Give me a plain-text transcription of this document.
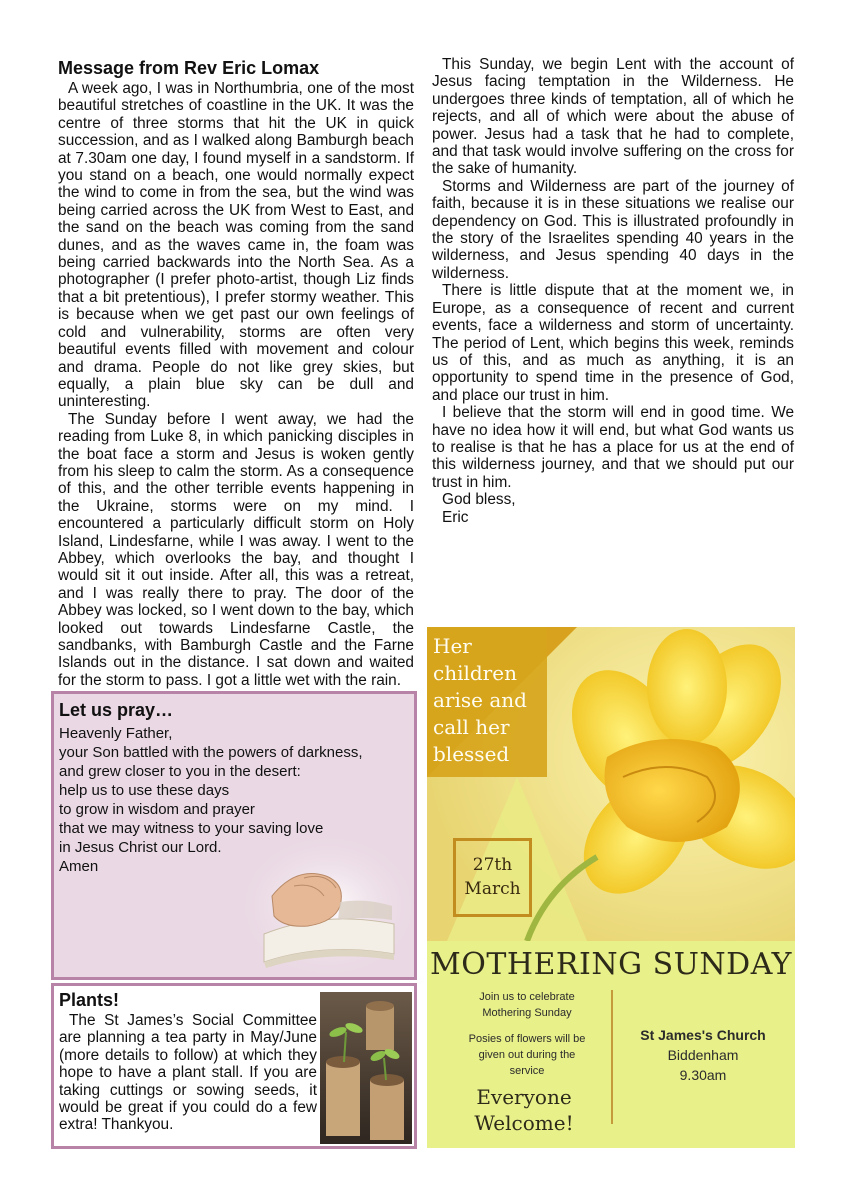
Message from Rev Eric Lomax

A week ago, I was in Northumbria, one of the most beautiful stretches of coastline in the UK. It was the centre of three storms that hit the UK in quick succession, and as I walked along Bamburgh beach at 7.30am one day, I found myself in a sandstorm. If you stand on a beach, one would normally expect the wind to come in from the sea, but the wind was being carried across the UK from West to East, and the sand on the beach was coming from the sand dunes, and as the waves came in, the foam was being carried backwards into the North Sea. As a photographer (I prefer photo-artist, though Liz finds that a bit pretentious), I prefer stormy weather. This is because when we get past our own feelings of cold and vulnerability, storms are often very beautiful events filled with movement and colour and drama. People do not like grey skies, but equally, a plain blue sky can be dull and uninteresting.

The Sunday before I went away, we had the reading from Luke 8, in which panicking disciples in the boat face a storm and Jesus is woken gently from his sleep to calm the storm. As a consequence of this, and the other terrible events happening in the Ukraine, storms were on my mind. I encountered a particularly difficult storm on Holy Island, Lindesfarne, while I was away. I went to the Abbey, which overlooks the bay, and thought I would sit it out inside. After all, this was a retreat, and I was really there to pray. The door of the Abbey was locked, so I went down to the bay, which looked out towards Lindesfarne Castle, the sandbanks, with Bamburgh Castle and the Farne Islands out in the distance. I sat down and waited for the storm to pass. I got a little wet with the rain.

This Sunday, we begin Lent with the account of Jesus facing temptation in the Wilderness. He undergoes three kinds of temptation, all of which he rejects, and all of which were about the abuse of power. Jesus had a task that he had to complete, and that task would involve suffering on the cross for the sake of humanity.

Storms and Wilderness are part of the journey of faith, because it is in these situations we realise our dependency on God. This is illustrated profoundly in the story of the Israelites spending 40 years in the wilderness, and Jesus spending 40 days in the wilderness.

There is little dispute that at the moment we, in Europe, as a consequence of recent and current events, face a wilderness and storm of uncertainty. The period of Lent, which begins this week, reminds us of this, and as much as anything, it is an opportunity to spend time in the presence of God, and place our trust in him.

I believe that the storm will end in good time. We have no idea how it will end, but what God wants us to realise is that he has a place for us at the end of this wilderness journey, and that we should put our trust in him.

God bless,

Eric

Let us pray…
Heavenly Father,
your Son battled with the powers of darkness,
and grew closer to you in the desert:
help us to use these days
to grow in wisdom and prayer
that we may witness to your saving love
in Jesus Christ our Lord.
Amen
Plants!

The St James’s Social Committee are planning a tea party in May/June (more details to follow) at which they hope to have a plant stall. If you are taking cuttings or sowing seeds, it would be great if you could do a few extra! Thankyou.

Her
children
arise and
call her
blessed
27th
March
MOTHERING SUNDAY
Join us to celebrate
Mothering Sunday
Posies of flowers will be
given out during the
service
St James's Church
Biddenham
9.30am
Everyone
Welcome!
